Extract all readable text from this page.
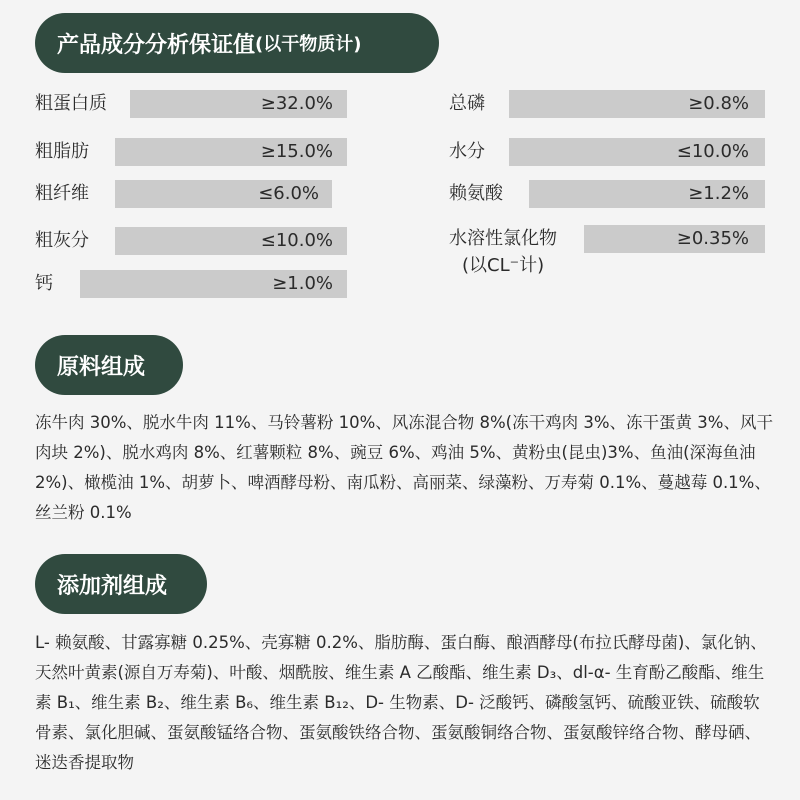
产品成分分析保证值 (以干物质计)
粗蛋白质	≥32.0%
粗脂肪	≥15.0%
粗纤维	≤6.0%
粗灰分	≤10.0%
钙	≥1.0%
总磷	≥0.8%
水分	≤10.0%
赖氨酸	≥1.2%
水溶性氯化物	≥0.35%
(以CL⁻计)
原料组成
冻牛肉 30%、脱水牛肉 11%、马铃薯粉 10%、风冻混合物 8%(冻干鸡肉 3%、冻干蛋黄 3%、风干肉块 2%)、脱水鸡肉 8%、红薯颗粒 8%、豌豆 6%、鸡油 5%、黄粉虫(昆虫)3%、鱼油(深海鱼油 2%)、橄榄油 1%、胡萝卜、啤酒酵母粉、南瓜粉、高丽菜、绿藻粉、万寿菊 0.1%、蔓越莓 0.1%、丝兰粉 0.1%
添加剂组成
L- 赖氨酸、甘露寡糖 0.25%、壳寡糖 0.2%、脂肪酶、蛋白酶、酿酒酵母(布拉氏酵母菌)、氯化钠、天然叶黄素(源自万寿菊)、叶酸、烟酰胺、维生素 A 乙酸酯、维生素 D₃、dl-α- 生育酚乙酸酯、维生素 B₁、维生素 B₂、维生素 B₆、维生素 B₁₂、D- 生物素、D- 泛酸钙、磷酸氢钙、硫酸亚铁、硫酸软骨素、氯化胆碱、蛋氨酸锰络合物、蛋氨酸铁络合物、蛋氨酸铜络合物、蛋氨酸锌络合物、酵母硒、迷迭香提取物
